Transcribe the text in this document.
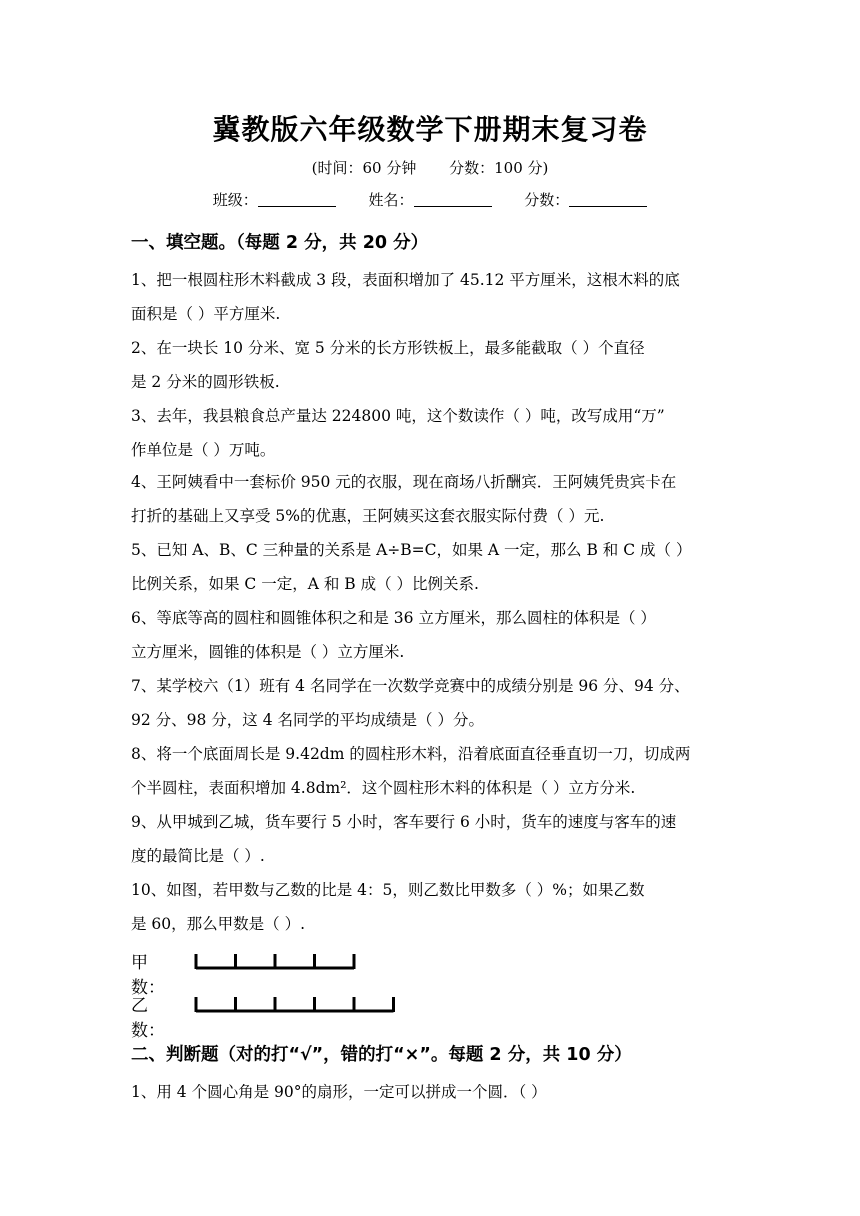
冀教版六年级数学下册期末复习卷
(时间：60 分钟 分数：100 分)
班级：	姓名：	分数：
一、填空题。（每题 2 分，共 20 分）
1、把一根圆柱形木料截成 3 段，表面积增加了 45.12 平方厘米，这根木料的底
面积是（ ）平方厘米.
2、在一块长 10 分米、宽 5 分米的长方形铁板上，最多能截取（ ）个直径
是 2 分米的圆形铁板.
3、去年，我县粮食总产量达 224800 吨，这个数读作（ ）吨，改写成用“万”
作单位是（ ）万吨。
4、王阿姨看中一套标价 950 元的衣服，现在商场八折酬宾．王阿姨凭贵宾卡在
打折的基础上又享受 5%的优惠，王阿姨买这套衣服实际付费（ ）元.
5、已知 A、B、C 三种量的关系是 A÷B=C，如果 A 一定，那么 B 和 C 成（ ）
比例关系，如果 C 一定，A 和 B 成（ ）比例关系.
6、等底等高的圆柱和圆锥体积之和是 36 立方厘米，那么圆柱的体积是（ ）
立方厘米，圆锥的体积是（ ）立方厘米.
7、某学校六（1）班有 4 名同学在一次数学竞赛中的成绩分别是 96 分、94 分、
92 分、98 分，这 4 名同学的平均成绩是（ ）分。
8、将一个底面周长是 9.42dm 的圆柱形木料，沿着底面直径垂直切一刀，切成两
个半圆柱，表面积增加 4.8dm²．这个圆柱形木料的体积是（ ）立方分米.
9、从甲城到乙城，货车要行 5 小时，客车要行 6 小时，货车的速度与客车的速
度的最简比是（ ）.
10、如图，若甲数与乙数的比是 4：5，则乙数比甲数多（ ）%；如果乙数
是 60，那么甲数是（ ）.
甲数：
乙数：
二、判断题（对的打“√”，错的打“×”。每题 2 分，共 10 分）
1、用 4 个圆心角是 90°的扇形，一定可以拼成一个圆．（ ）
